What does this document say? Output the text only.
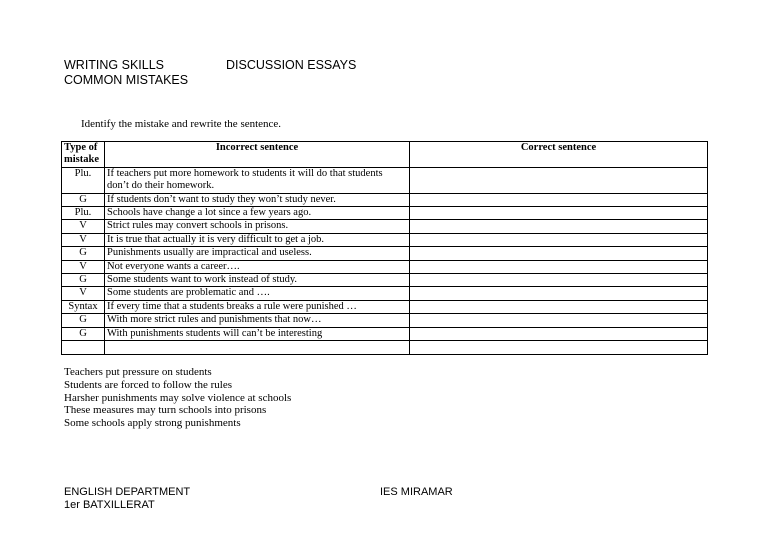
WRITING SKILLS
COMMON MISTAKES
DISCUSSION ESSAYS
Identify the mistake and rewrite the sentence.
Type of mistake	Incorrect sentence	Correct sentence
Plu.	If teachers put more homework to students it will do that students don’t do their homework.	
G	If students don’t want to study they won’t study never.	
Plu.	Schools have change a lot since a few years ago.	
V	Strict rules may convert schools in prisons.	
V	It is true that actually it is very difficult to get a job.	
G	Punishments usually are impractical and useless.	
V	Not everyone wants a career….	
G	Some students want to work instead of study.	
V	Some students are problematic and ….	
Syntax	If every time that a students breaks a rule were punished …	
G	With more strict rules and punishments that now…	
G	With punishments students will can’t be interesting	

Teachers put pressure on students
Students are forced to follow the rules
Harsher punishments may solve violence at schools
These measures may turn schools into prisons
Some schools apply strong punishments
ENGLISH DEPARTMENT
1er BATXILLERAT
IES MIRAMAR
